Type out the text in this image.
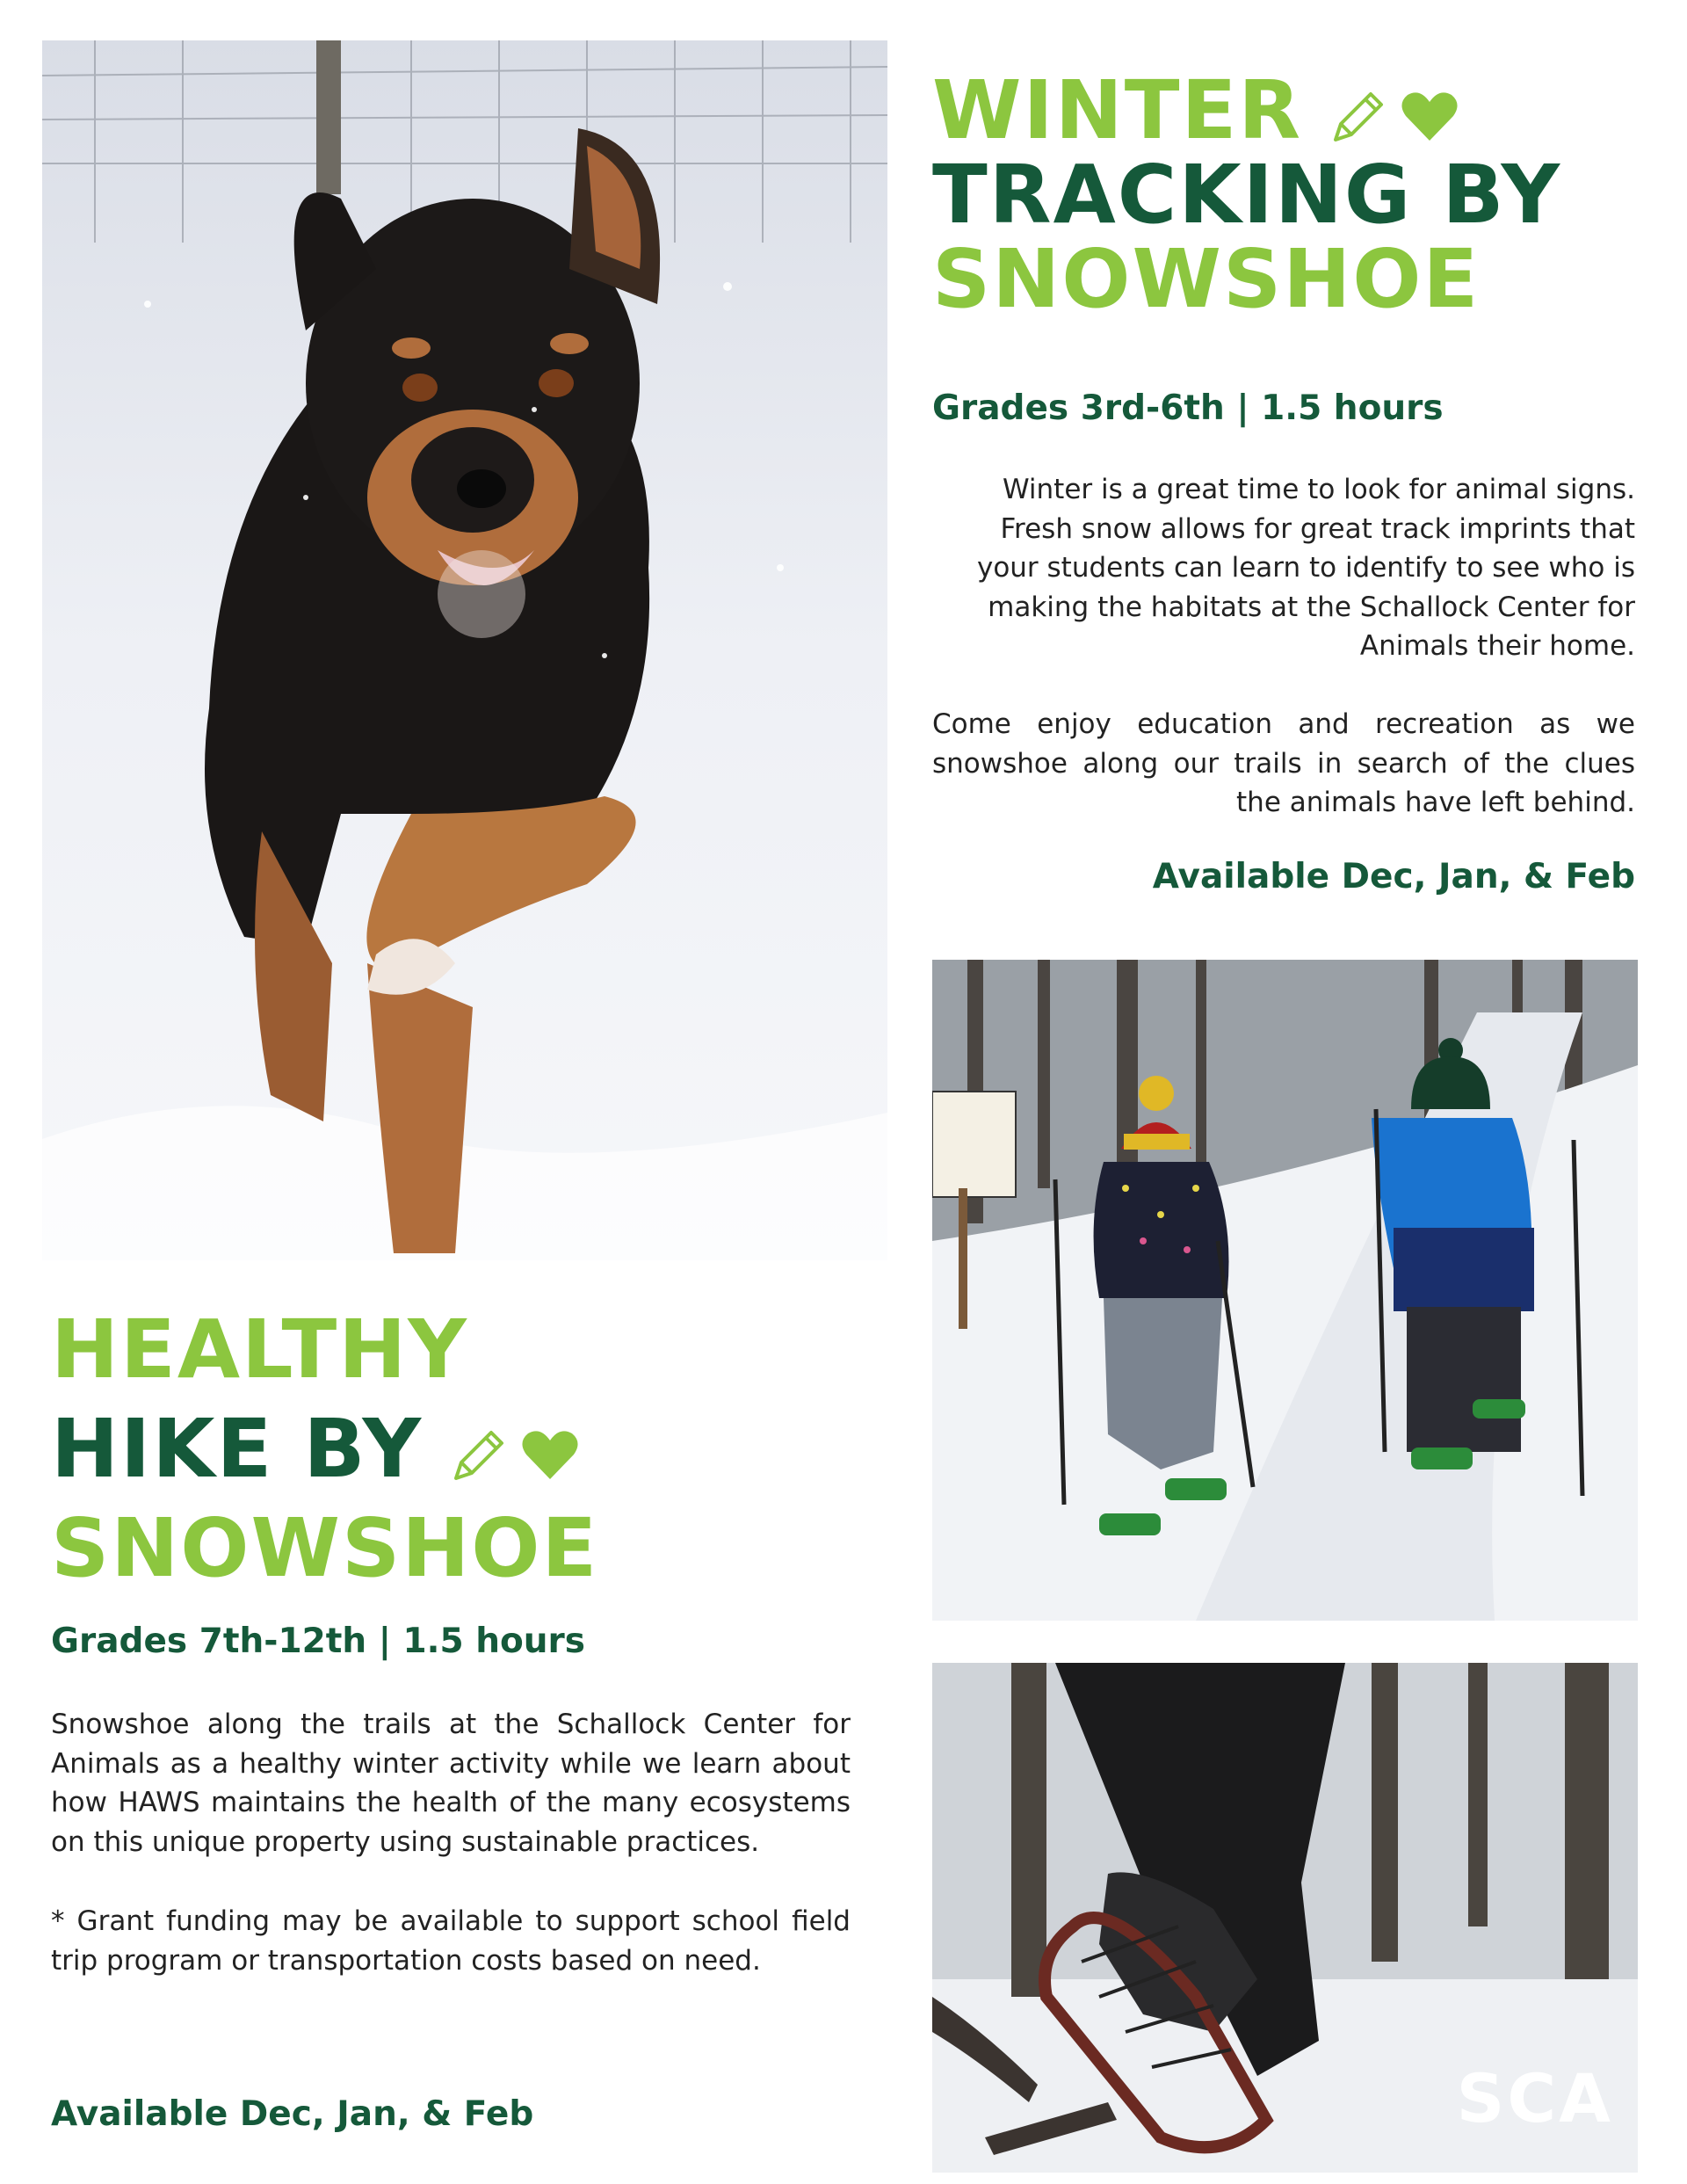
SCA
WINTER
TRACKING BY
SNOWSHOE
Grades 3rd-6th | 1.5 hours
Winter is a great time to look for animal signs. Fresh snow allows for great track imprints that your students can learn to identify to see who is making the habitats at the Schallock Center for Animals their home.
Come enjoy education and recreation as we snowshoe along our trails in search of the clues the animals have left behind.
Available Dec, Jan, & Feb
HEALTHY
HIKE BY
SNOWSHOE
Grades 7th-12th | 1.5 hours

Snowshoe along the trails at the Schallock Center for Animals as a healthy winter activity while we learn about how HAWS maintains the health of the many ecosystems on this unique property using sustainable practices.

* Grant funding may be available to support school field trip program or transportation costs based on need.

Available Dec, Jan, & Feb
